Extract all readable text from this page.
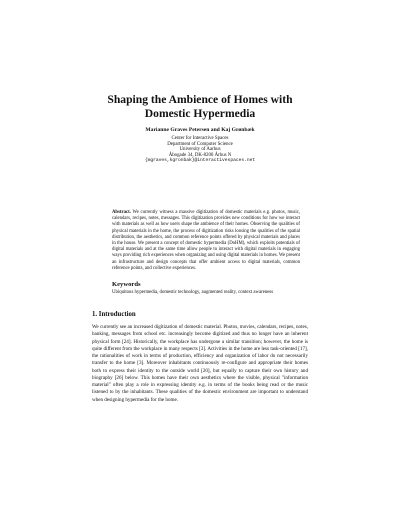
Shaping the Ambience of Homes with
Domestic Hypermedia
Marianne Graves Petersen and Kaj Grønbæk
Center for Interactive Spaces
Department of Computer Science
University of Aarhus
Åbogade 34, DK-8200 Århus N
{mgraves,kgronbak}@interactivespaces.net
Abstract. We currently witness a massive digitization of domestic materials e.g. photos, music, calendars, recipes, notes, messages. This digitization provides new conditions for how we interact with materials as well as how users shape the ambience of their homes. Observing the qualities of physical materials in the home, the process of digitization risks loosing the qualities of the spatial distribution, the aesthetics, and common reference points offered by physical materials and places in the house. We present a concept of domestic hypermedia (DoHM), which exploits potentials of digital materials and at the same time allow people to interact with digital materials in engaging ways providing rich experiences when organizing and using digital materials in homes. We present an infrastructure and design concepts that offer ambient access to digital materials, common reference points, and collective experiences.
Keywords
Ubiquitous hypermedia, domestic technology, augmented reality, context awareness
1. Introduction
We currently see an increased digitization of domestic material. Photos, movies, calendars, recipes, notes, banking, messages from school etc. increasingly become digitized and thus no longer have an inherent physical form [24]. Historically, the workplace has undergone a similar transition; however, the home is quite different from the workplace in many respects [3]. Activities in the home are less task-oriented [17], the rationalities of work in terms of production, efficiency and organization of labor do not necessarily transfer to the home [3]. Moreover inhabitants continuously re-configure and appropriate their homes both to express their identity to the outside world [20], but equally to capture their own history and biography [26] below. This homes have their own aesthetics where the visible, physical "information material" often play a role in expressing identity e.g. in terms of the books being read or the music listened to by the inhabitants. These qualities of the domestic environment are important to understand when designing hypermedia for the home.
